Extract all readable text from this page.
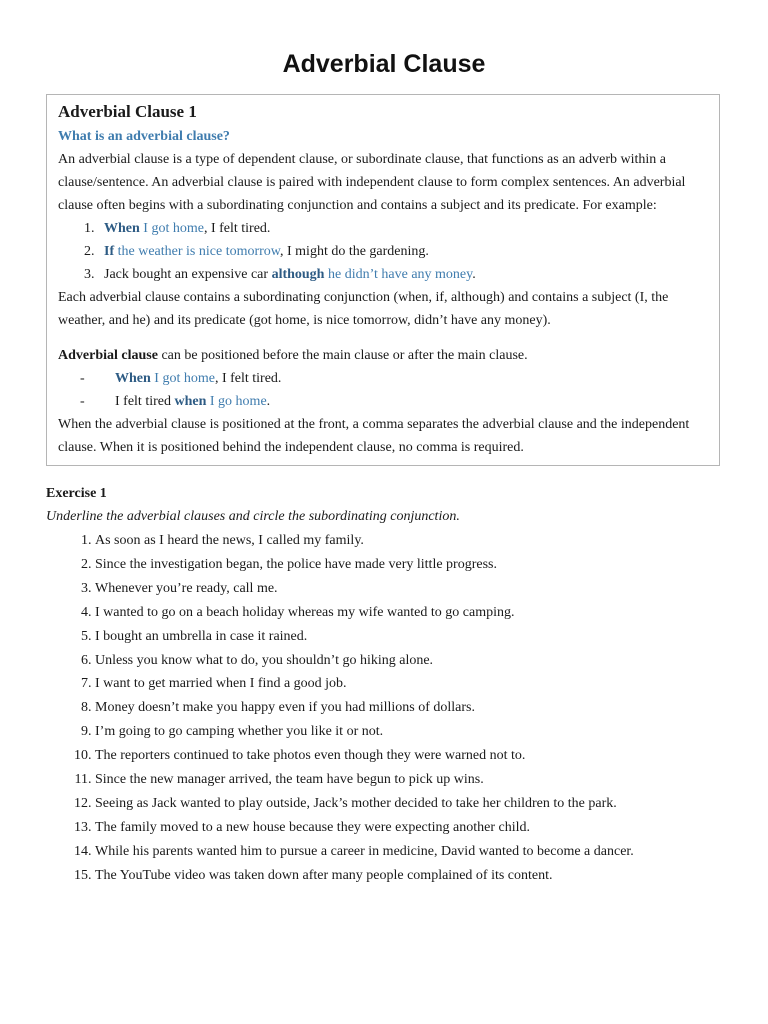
Adverbial Clause
Adverbial Clause 1
What is an adverbial clause?
An adverbial clause is a type of dependent clause, or subordinate clause, that functions as an adverb within a clause/sentence. An adverbial clause is paired with independent clause to form complex sentences. An adverbial clause often begins with a subordinating conjunction and contains a subject and its predicate. For example:
1. When I got home, I felt tired.
2. If the weather is nice tomorrow, I might do the gardening.
3. Jack bought an expensive car although he didn’t have any money.
Each adverbial clause contains a subordinating conjunction (when, if, although) and contains a subject (I, the weather, and he) and its predicate (got home, is nice tomorrow, didn’t have any money).
Adverbial clause can be positioned before the main clause or after the main clause.
- When I got home, I felt tired.
- I felt tired when I go home.
When the adverbial clause is positioned at the front, a comma separates the adverbial clause and the independent clause. When it is positioned behind the independent clause, no comma is required.
Exercise 1
Underline the adverbial clauses and circle the subordinating conjunction.
1. As soon as I heard the news, I called my family.
2. Since the investigation began, the police have made very little progress.
3. Whenever you’re ready, call me.
4. I wanted to go on a beach holiday whereas my wife wanted to go camping.
5. I bought an umbrella in case it rained.
6. Unless you know what to do, you shouldn’t go hiking alone.
7. I want to get married when I find a good job.
8. Money doesn’t make you happy even if you had millions of dollars.
9. I’m going to go camping whether you like it or not.
10. The reporters continued to take photos even though they were warned not to.
11. Since the new manager arrived, the team have begun to pick up wins.
12. Seeing as Jack wanted to play outside, Jack’s mother decided to take her children to the park.
13. The family moved to a new house because they were expecting another child.
14. While his parents wanted him to pursue a career in medicine, David wanted to become a dancer.
15. The YouTube video was taken down after many people complained of its content.
